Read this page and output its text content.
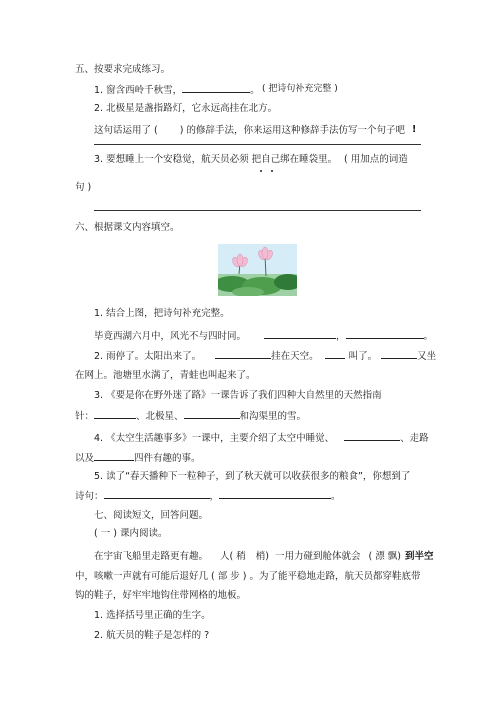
五、按要求完成练习。
1. 窗含西岭千秋雪，	。 ( 把诗句补充完整 )
2. 北极星是盏指路灯，它永远高挂在北方。
这句话运用了 ( ) 的修辞手法，你来运用这种修辞手法仿写一个句子吧 !
3. 要想睡上一个安稳觉，航天员必须 把自己绑在睡袋里。 ( 用加点的词造
句 )
六、根据课文内容填空。
1. 结合上图，把诗句补充完整。
毕竟西湖六月中，风光不与四时同。	，	。
2. 雨停了。太阳出来了。	挂在天空。	叫了。	又坐
在网上。池塘里水满了，青蛙也叫起来了。
3. 《要是你在野外迷了路》一课告诉了我们四种大自然里的天然指南
针：	、北极星、	和沟渠里的雪。
4. 《太空生活趣事多》一课中，主要介绍了太空中睡觉、	、走路
以及	四件有趣的事。
5. 读了“春天播种下一粒种子，到了秋天就可以收获很多的粮食”，你想到了
诗句：	，	。
七、阅读短文，回答问题。
( 一 ) 课内阅读。
在宇宙飞船里走路更有趣。 人( 稍 梢) 一用力碰到舱体就会 ( 漂 飘) 到半空
中，咳嗽一声就有可能后退好几 ( 部 步 ) 。为了能平稳地走路，航天员都穿鞋底带
钩的鞋子，好牢牢地钩住带网格的地板。
1. 选择括号里正确的生字。
2. 航天员的鞋子是怎样的 ?
